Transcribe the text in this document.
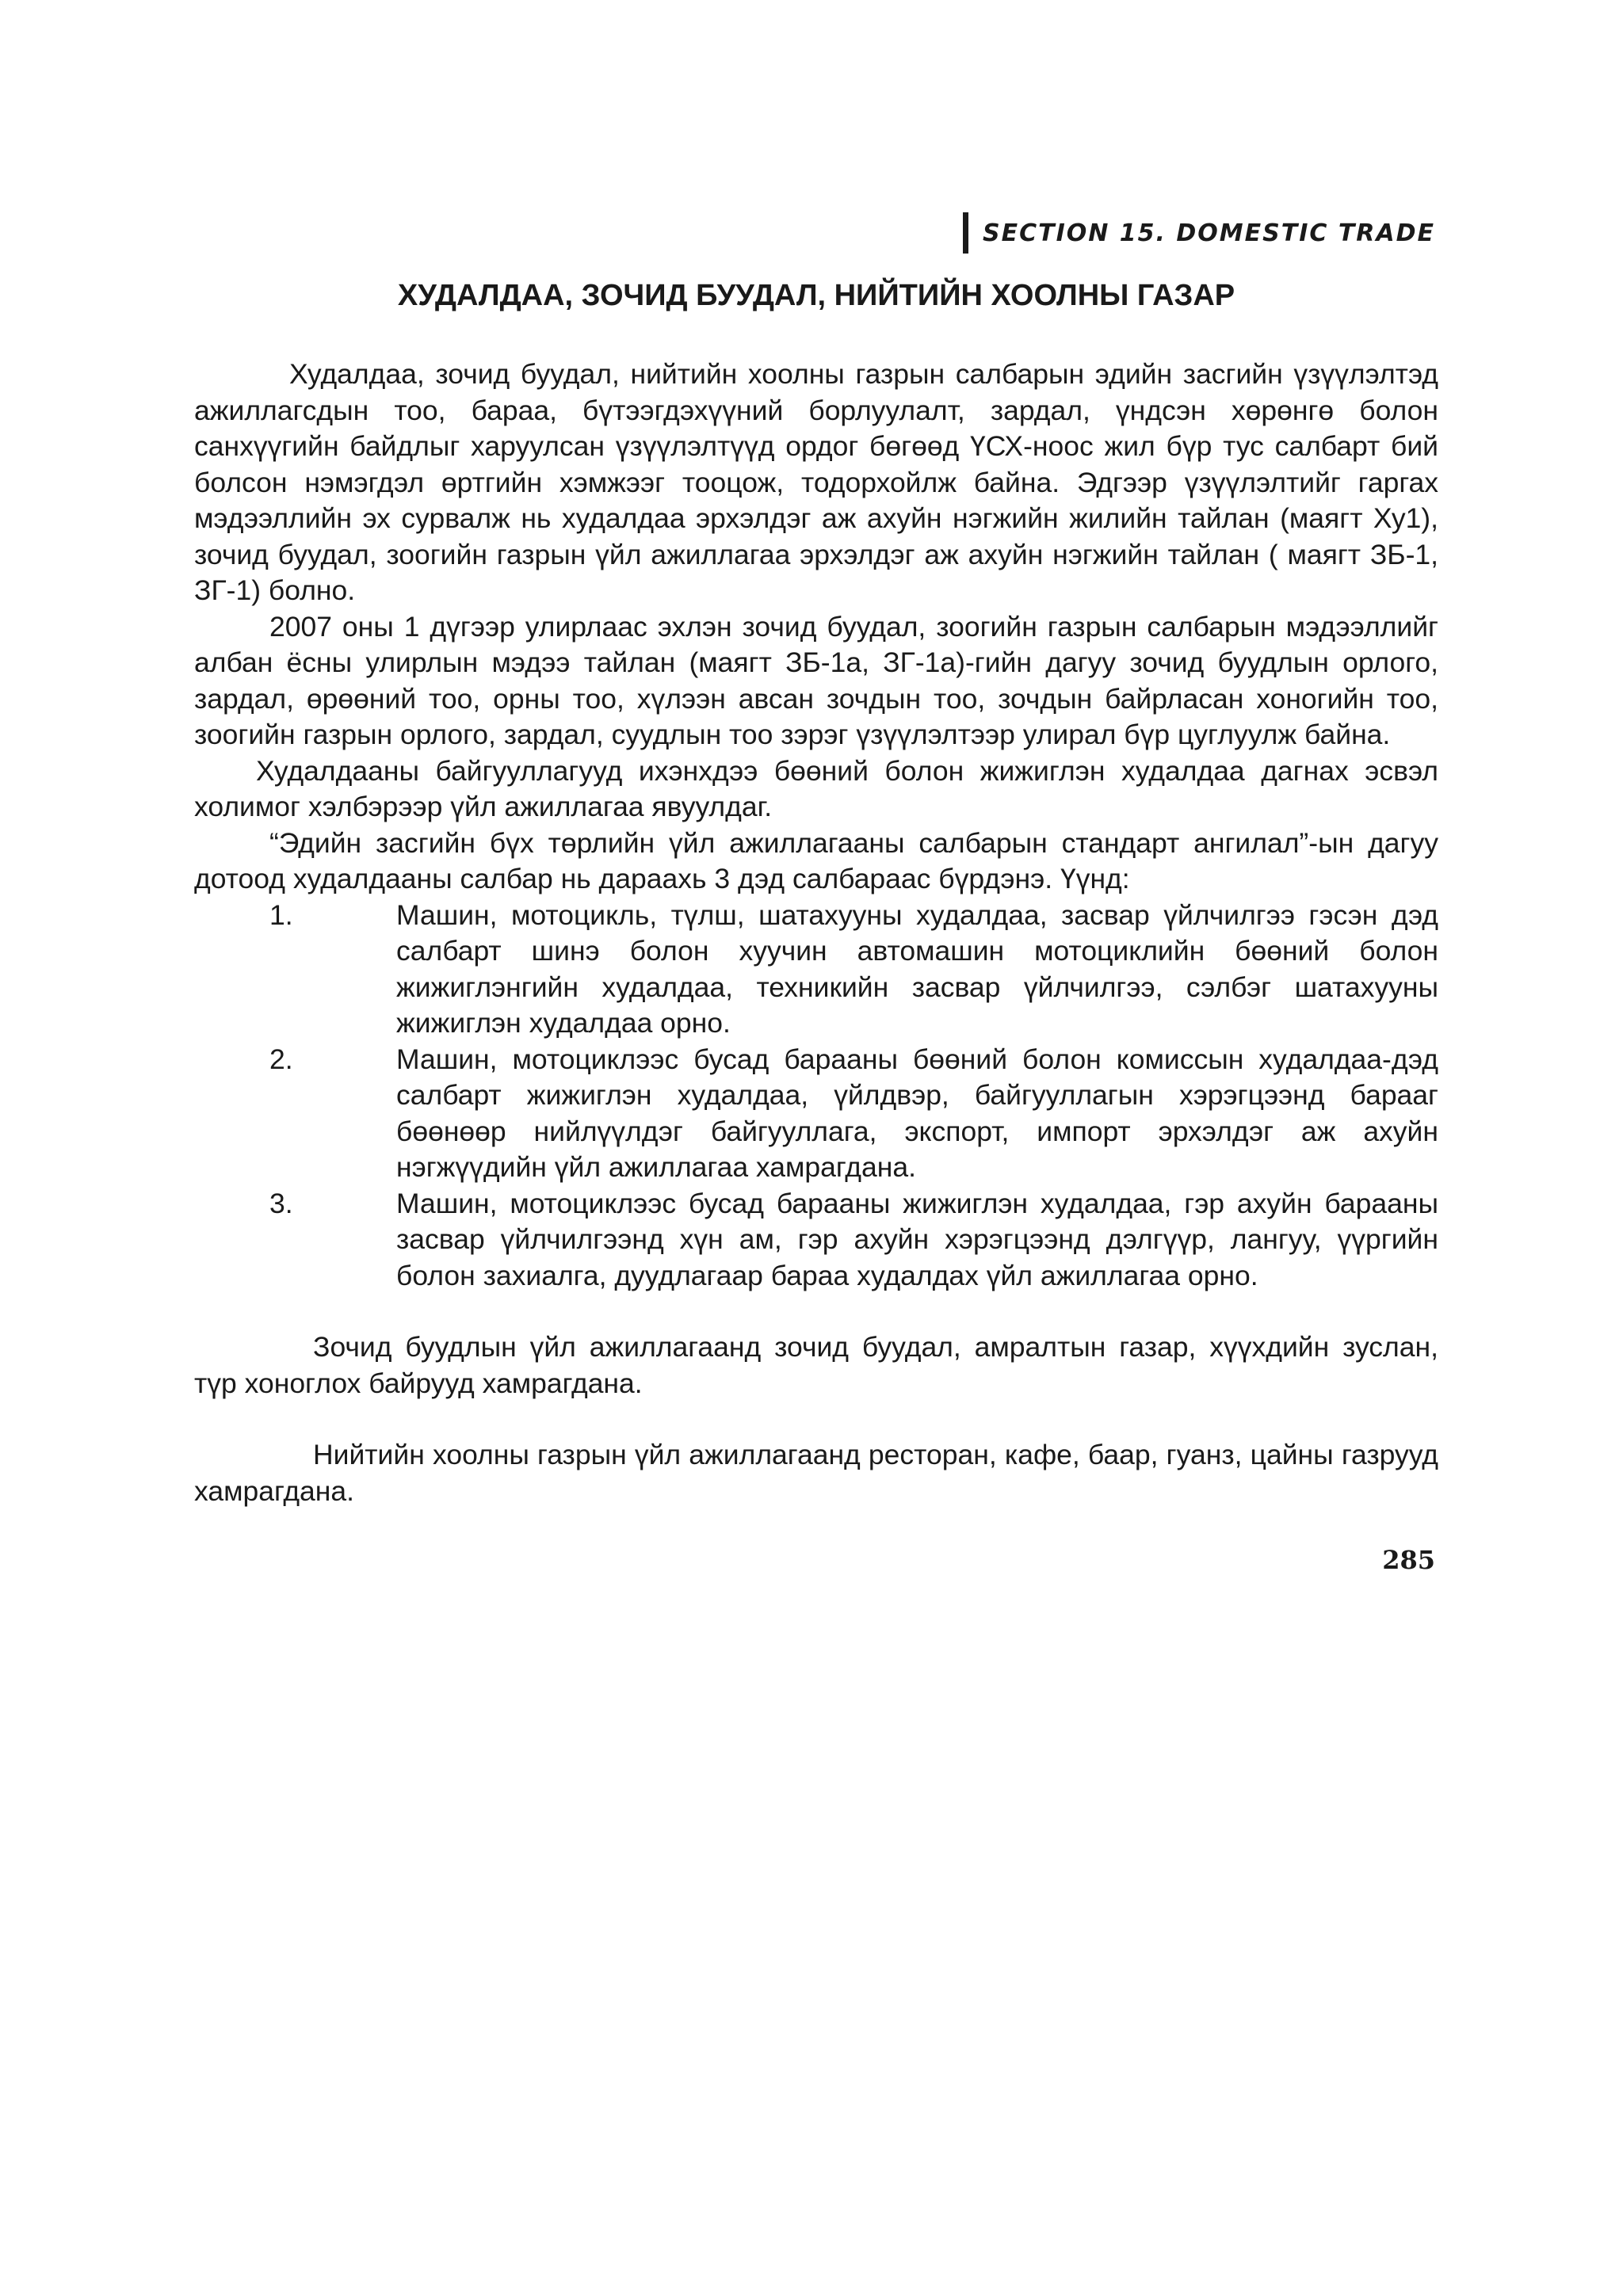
SECTION 15. DOMESTIC TRADE
ХУДАЛДАА, ЗОЧИД БУУДАЛ, НИЙТИЙН ХООЛНЫ ГАЗАР

Худалдаа, зочид буудал, нийтийн хоолны газрын салбарын эдийн засгийн үзүүлэлтэд ажиллагсдын тоо, бараа, бүтээгдэхүүний борлуулалт, зардал, үндсэн хөрөнгө болон санхүүгийн байдлыг харуулсан үзүүлэлтүүд ордог бөгөөд ҮСХ-ноос жил бүр тус салбарт бий болсон нэмэгдэл өртгийн хэмжээг тооцож, тодорхойлж байна. Эдгээр үзүүлэлтийг гаргах мэдээллийн эх сурвалж нь худалдаа эрхэлдэг аж ахуйн нэгжийн жилийн тайлан (маягт Ху1), зочид буудал, зоогийн газрын үйл ажиллагаа эрхэлдэг аж ахуйн нэгжийн тайлан ( маягт ЗБ-1, ЗГ-1) болно.

2007 оны 1 дүгээр улирлаас эхлэн зочид буудал, зоогийн газрын салбарын мэдээллийг албан ёсны улирлын мэдээ тайлан (маягт ЗБ-1а, ЗГ-1а)-гийн дагуу зочид буудлын орлого, зардал, өрөөний тоо, орны тоо, хүлээн авсан зочдын тоо, зочдын байрласан хоногийн тоо, зоогийн газрын орлого, зардал, суудлын тоо зэрэг үзүүлэлтээр улирал бүр цуглуулж байна.

Худалдааны байгууллагууд ихэнхдээ бөөний болон жижиглэн худалдаа дагнах эсвэл холимог хэлбэрээр үйл ажиллагаа явуулдаг.

“Эдийн засгийн бүх төрлийн үйл ажиллагааны салбарын стандарт ангилал”-ын дагуу дотоод худалдааны салбар нь дараахь 3 дэд салбараас бүрдэнэ. Үүнд:

1.	Машин, мотоцикль, түлш, шатахууны худалдаа, засвар үйлчилгээ гэсэн дэд салбарт шинэ болон хуучин автомашин мотоциклийн бөөний болон жижиглэнгийн худалдаа, техникийн засвар үйлчилгээ, сэлбэг шатахууны жижиглэн худалдаа орно.
2.	Машин, мотоциклээс бусад барааны бөөний болон комиссын худалдаа-дэд салбарт жижиглэн худалдаа, үйлдвэр, байгууллагын хэрэгцээнд барааг бөөнөөр нийлүүлдэг байгууллага, экспорт, импорт эрхэлдэг аж ахуйн нэгжүүдийн үйл ажиллагаа хамрагдана.
3.	Машин, мотоциклээс бусад барааны жижиглэн худалдаа, гэр ахуйн барааны засвар үйлчилгээнд хүн ам, гэр ахуйн хэрэгцээнд дэлгүүр, лангуу, үүргийн болон захиалга, дуудлагаар бараа худалдах үйл ажиллагаа орно.

Зочид буудлын үйл ажиллагаанд зочид буудал, амралтын газар, хүүхдийн зуслан, түр хоноглох байрууд хамрагдана.

Нийтийн хоолны газрын үйл ажиллагаанд ресторан, кафе, баар, гуанз, цайны газрууд хамрагдана.

285
